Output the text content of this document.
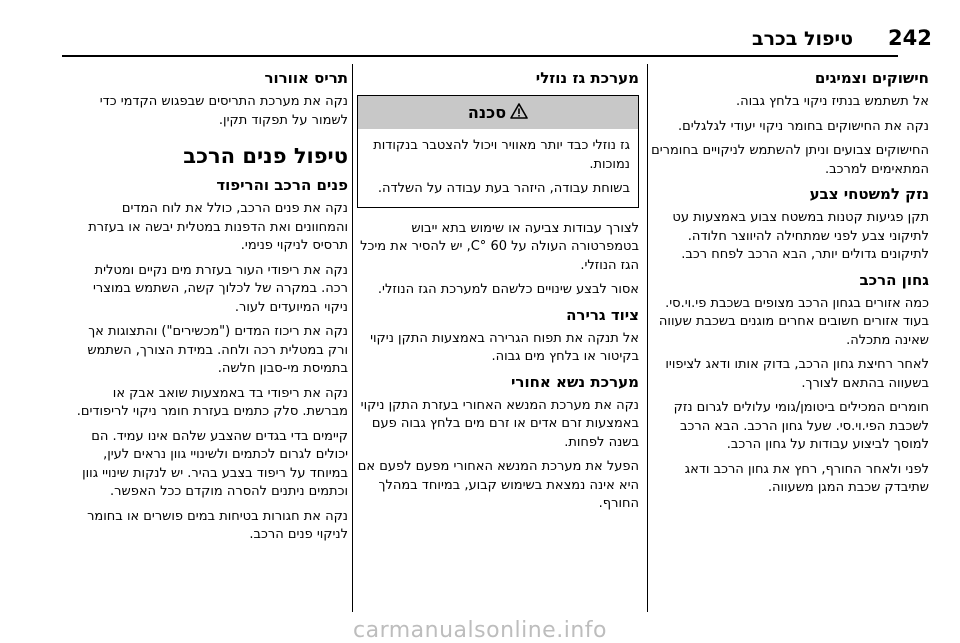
242
טיפול בכרב
חישוקים וצמיגים

אל תשתמש בנתיז ניקוי בלחץ גבוה.

נקה את החישוקים בחומר ניקוי יעודי לגלגלים.

החישוקים צבועים וניתן להשתמש לניקויים בחומרים המתאימים למרכב.

נזק למשטחי צבע

תקן פגיעות קטנות במשטח צבוע באמצעות עט לתיקוני צבע לפני שמתחילה להיווצר חלודה. לתיקונים גדולים יותר, הבא הרכב לפחח רכב.

גחון הרכב

כמה אזורים בגחון הרכב מצופים בשכבת פי.וי.סי. בעוד אזורים חשובים אחרים מוגנים בשכבת שעווה שאינה מתכלה.

לאחר רחיצת גחון הרכב, בדוק אותו ודאג לציפויו בשעווה בהתאם לצורך.

חומרים המכילים ביטומן/גומי עלולים לגרום נזק לשכבת הפי.וי.סי. שעל גחון הרכב. הבא הרכב למוסך לביצוע עבודות על גחון הרכב.

לפני ולאחר החורף, רחץ את גחון הרכב ודאג שתיבדק שכבת המגן משעווה.

מערכת גז נוזלי
סכנה

גז נוזלי כבד יותר מאוויר ויכול להצטבר בנקודות נמוכות.

בשוחת עבודה, היזהר בעת עבודה על השלדה.

לצורך עבודות צביעה או שימוש בתא ייבוש בטמפרטורה העולה על 60 °C, יש להסיר את מיכל הגז הנוזלי.

אסור לבצע שינויים כלשהם למערכת הגז הנוזלי.

ציוד גרירה

אל תנקה את תפוח הגרירה באמצעות התקן ניקוי בקיטור או בלחץ מים גבוה.

מערכת נשא אחורי

נקה את מערכת המנשא האחורי בעזרת התקן ניקוי באמצעות זרם אדים או זרם מים בלחץ גבוה פעם בשנה לפחות.

הפעל את מערכת המנשא האחורי מפעם לפעם אם היא אינה נמצאת בשימוש קבוע, במיוחד במהלך החורף.

תריס אוורור

נקה את מערכת התריסים שבפגוש הקדמי כדי לשמור על תפקוד תקין.

טיפול פנים הרכב
פנים הרכב והריפוד

נקה את פנים הרכב, כולל את לוח המדים והמחוונים ואת הדפנות במטלית יבשה או בעזרת תרסיס לניקוי פנימי.

נקה את ריפודי העור בעזרת מים נקיים ומטלית רכה. במקרה של לכלוך קשה, השתמש במוצרי ניקוי המיועדים לעור.

נקה את ריכוז המדים ("מכשירים") והתצוגות אך ורק במטלית רכה ולחה. במידת הצורך, השתמש בתמיסת מי-סבון חלשה.

נקה את ריפודי בד באמצעות שואב אבק או מברשת. סלק כתמים בעזרת חומר ניקוי לריפודים.

קיימים בדי בגדים שהצבע שלהם אינו עמיד. הם יכולים לגרום לכתמים ולשינויי גוון נראים לעין, במיוחד על ריפוד בצבע בהיר. יש לנקות שינויי גוון וכתמים ניתנים להסרה מוקדם ככל האפשר.

נקה את חגורות בטיחות במים פושרים או בחומר לניקוי פנים הרכב.

carmanualsonline.info
